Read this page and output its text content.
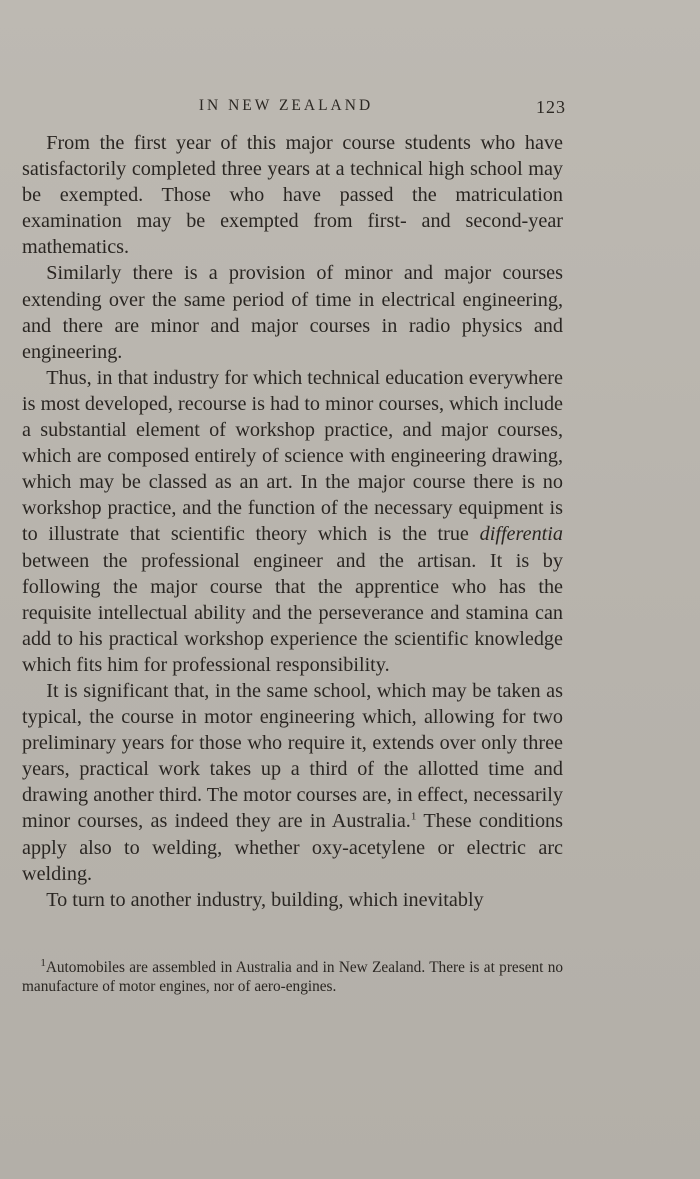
IN NEW ZEALAND	123

From the first year of this major course students who have satisfactorily completed three years at a technical high school may be exempted. Those who have passed the matriculation examination may be exempted from first- and second-year mathematics.

Similarly there is a provision of minor and major courses extending over the same period of time in electrical engineering, and there are minor and major courses in radio physics and engineering.

Thus, in that industry for which technical education everywhere is most developed, recourse is had to minor courses, which include a substantial element of workshop practice, and major courses, which are composed entirely of science with engineering drawing, which may be classed as an art. In the major course there is no workshop practice, and the function of the necessary equipment is to illustrate that scientific theory which is the true differentia between the professional engineer and the artisan. It is by following the major course that the apprentice who has the requisite intellectual ability and the perseverance and stamina can add to his practical workshop experience the scientific knowledge which fits him for professional responsibility.

It is significant that, in the same school, which may be taken as typical, the course in motor engineering which, allowing for two preliminary years for those who require it, extends over only three years, practical work takes up a third of the allotted time and drawing another third. The motor courses are, in effect, necessarily minor courses, as indeed they are in Australia.$^1$ These conditions apply also to welding, whether oxy-acetylene or electric arc welding.

To turn to another industry, building, which inevitably

$^1$Automobiles are assembled in Australia and in New Zealand. There is at present no manufacture of motor engines, nor of aero-engines.
